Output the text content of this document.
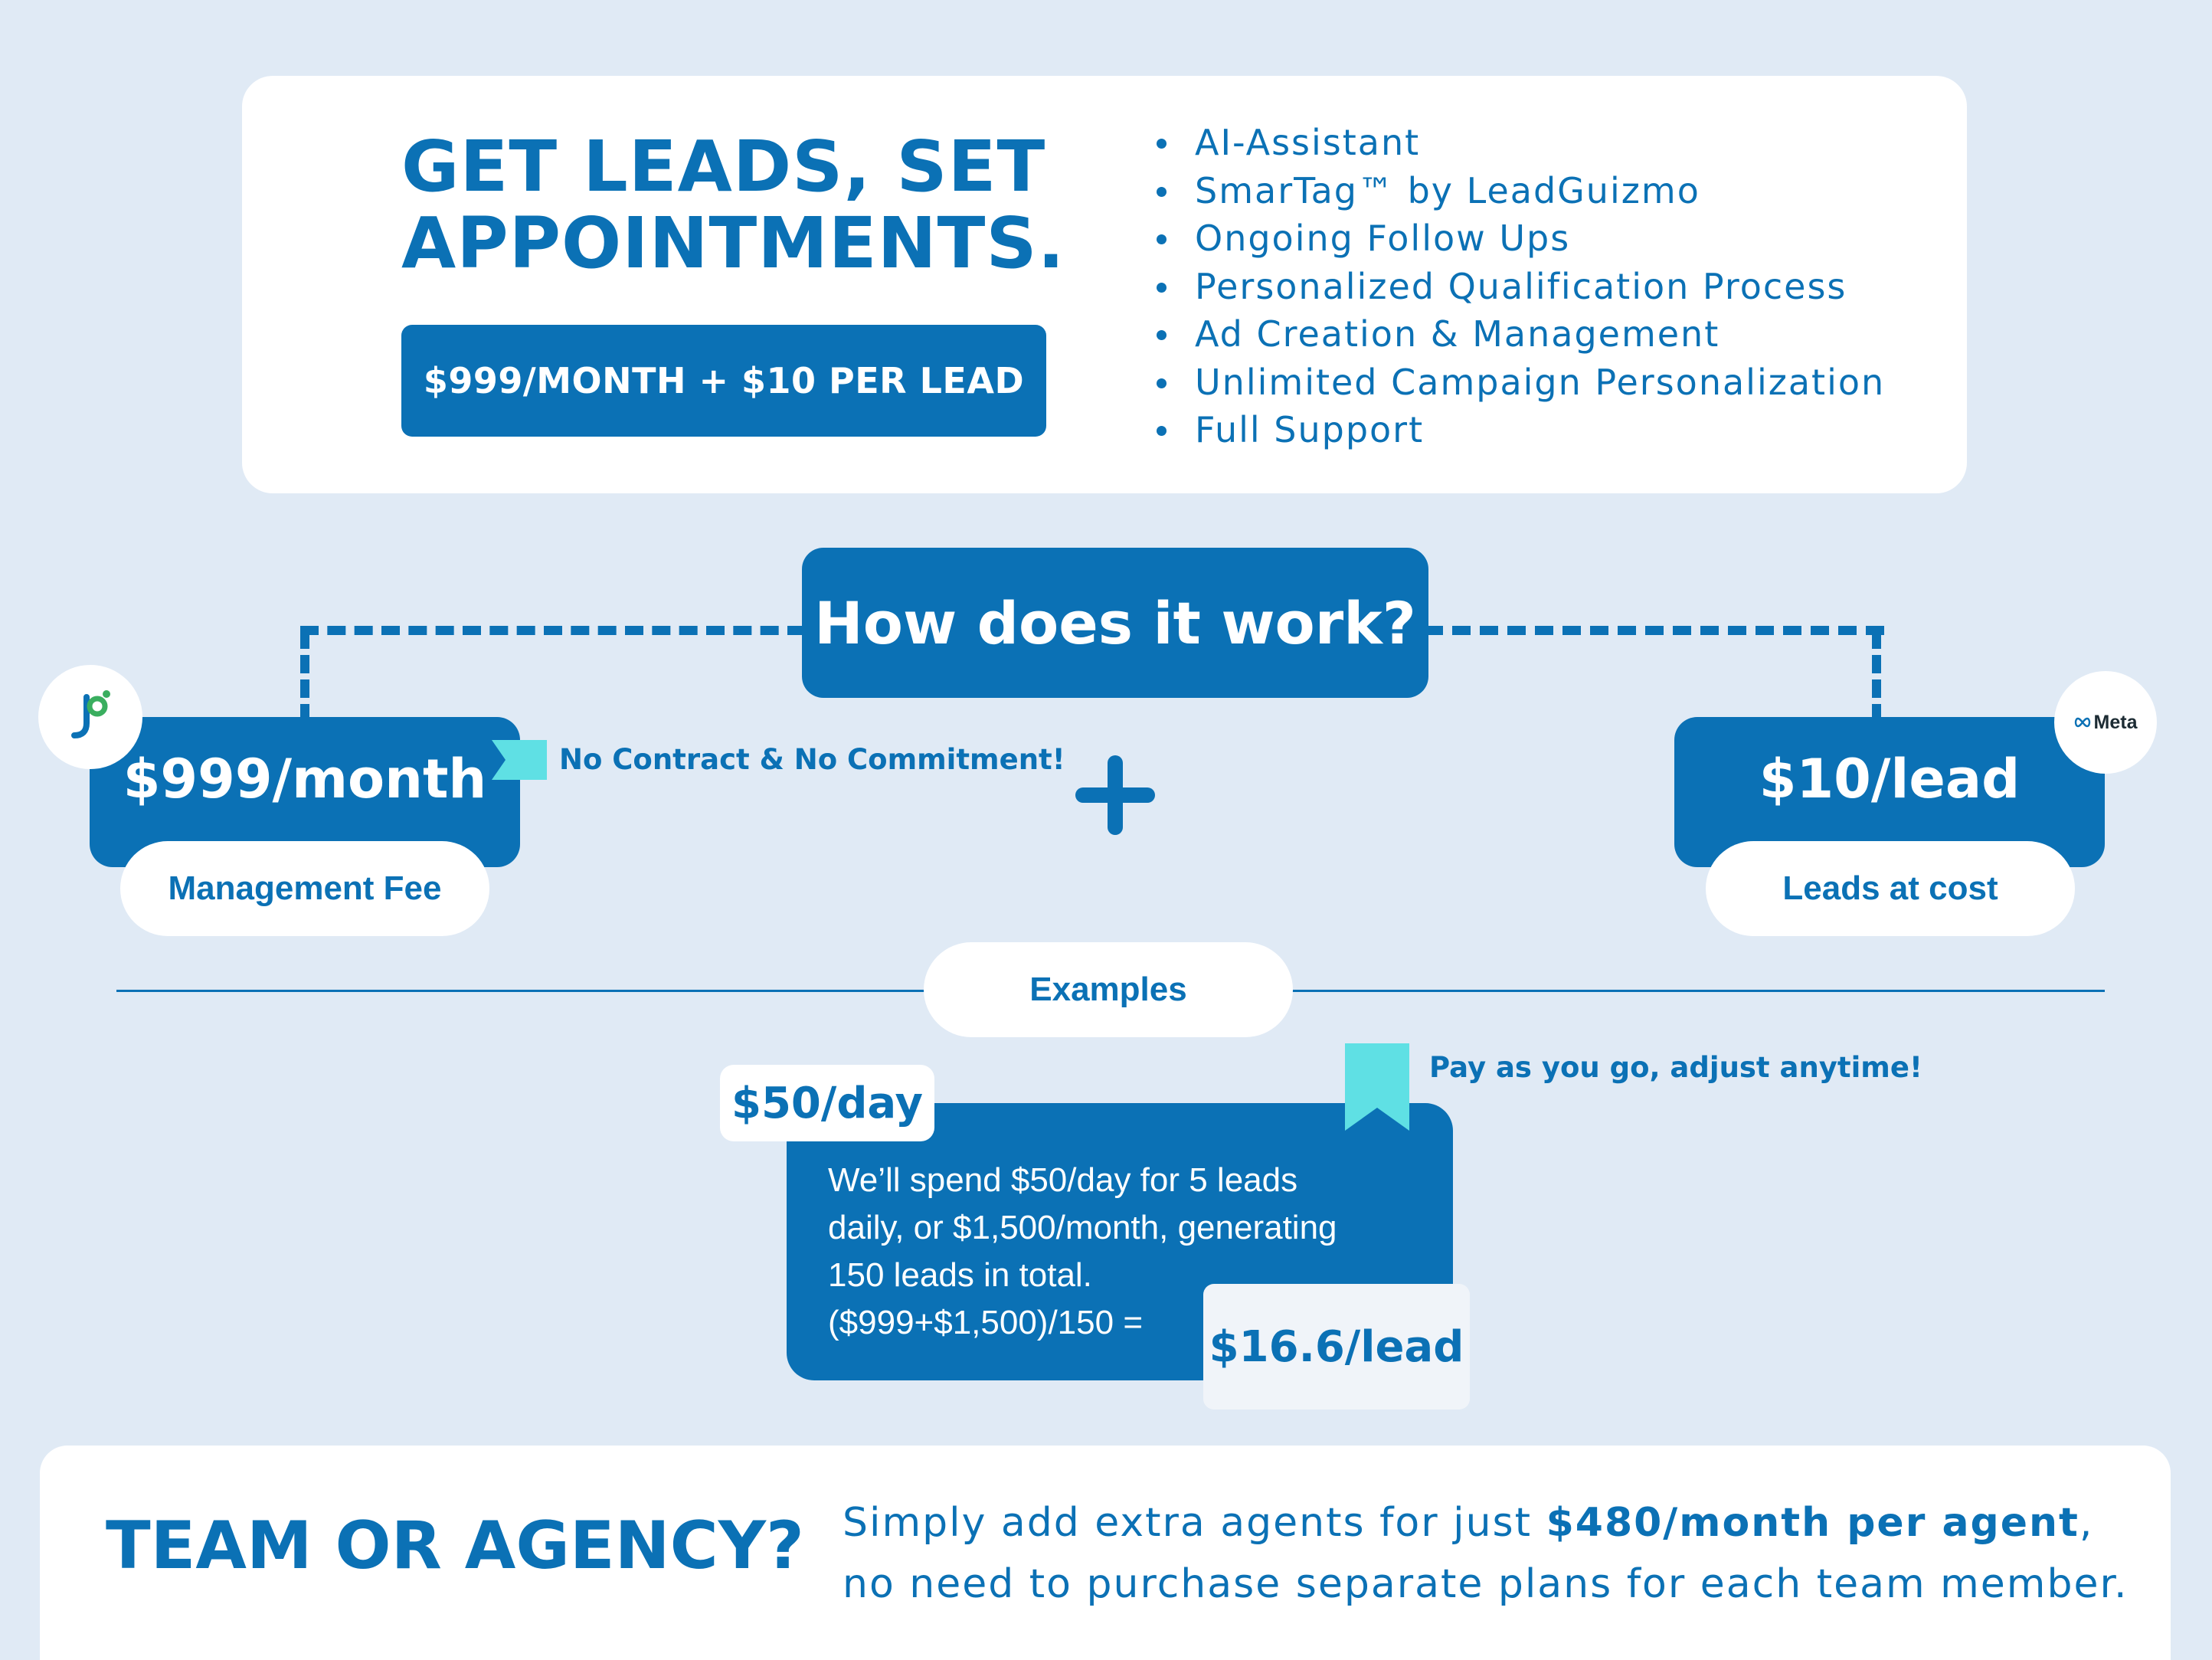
GET LEADS, SET
APPOINTMENTS.
$999/MONTH + $10 PER LEAD
AI-Assistant
SmarTag™ by LeadGuizmo
Ongoing Follow Ups
Personalized Qualification Process
Ad Creation & Management
Unlimited Campaign Personalization
Full Support
How does it work?
$999/month
Management Fee
No Contract & No Commitment!	$10/lead
Leads at cost
Meta
Examples
We’ll spend $50/day for 5 leads
daily, or $1,500/month, generating
150 leads in total.
($999+$1,500)/150 =
$50/day
$16.6/lead
Pay as you go, adjust anytime!
TEAM OR AGENCY? Simply add extra agents for just $480/month per agent,
no need to purchase separate plans for each team member.
